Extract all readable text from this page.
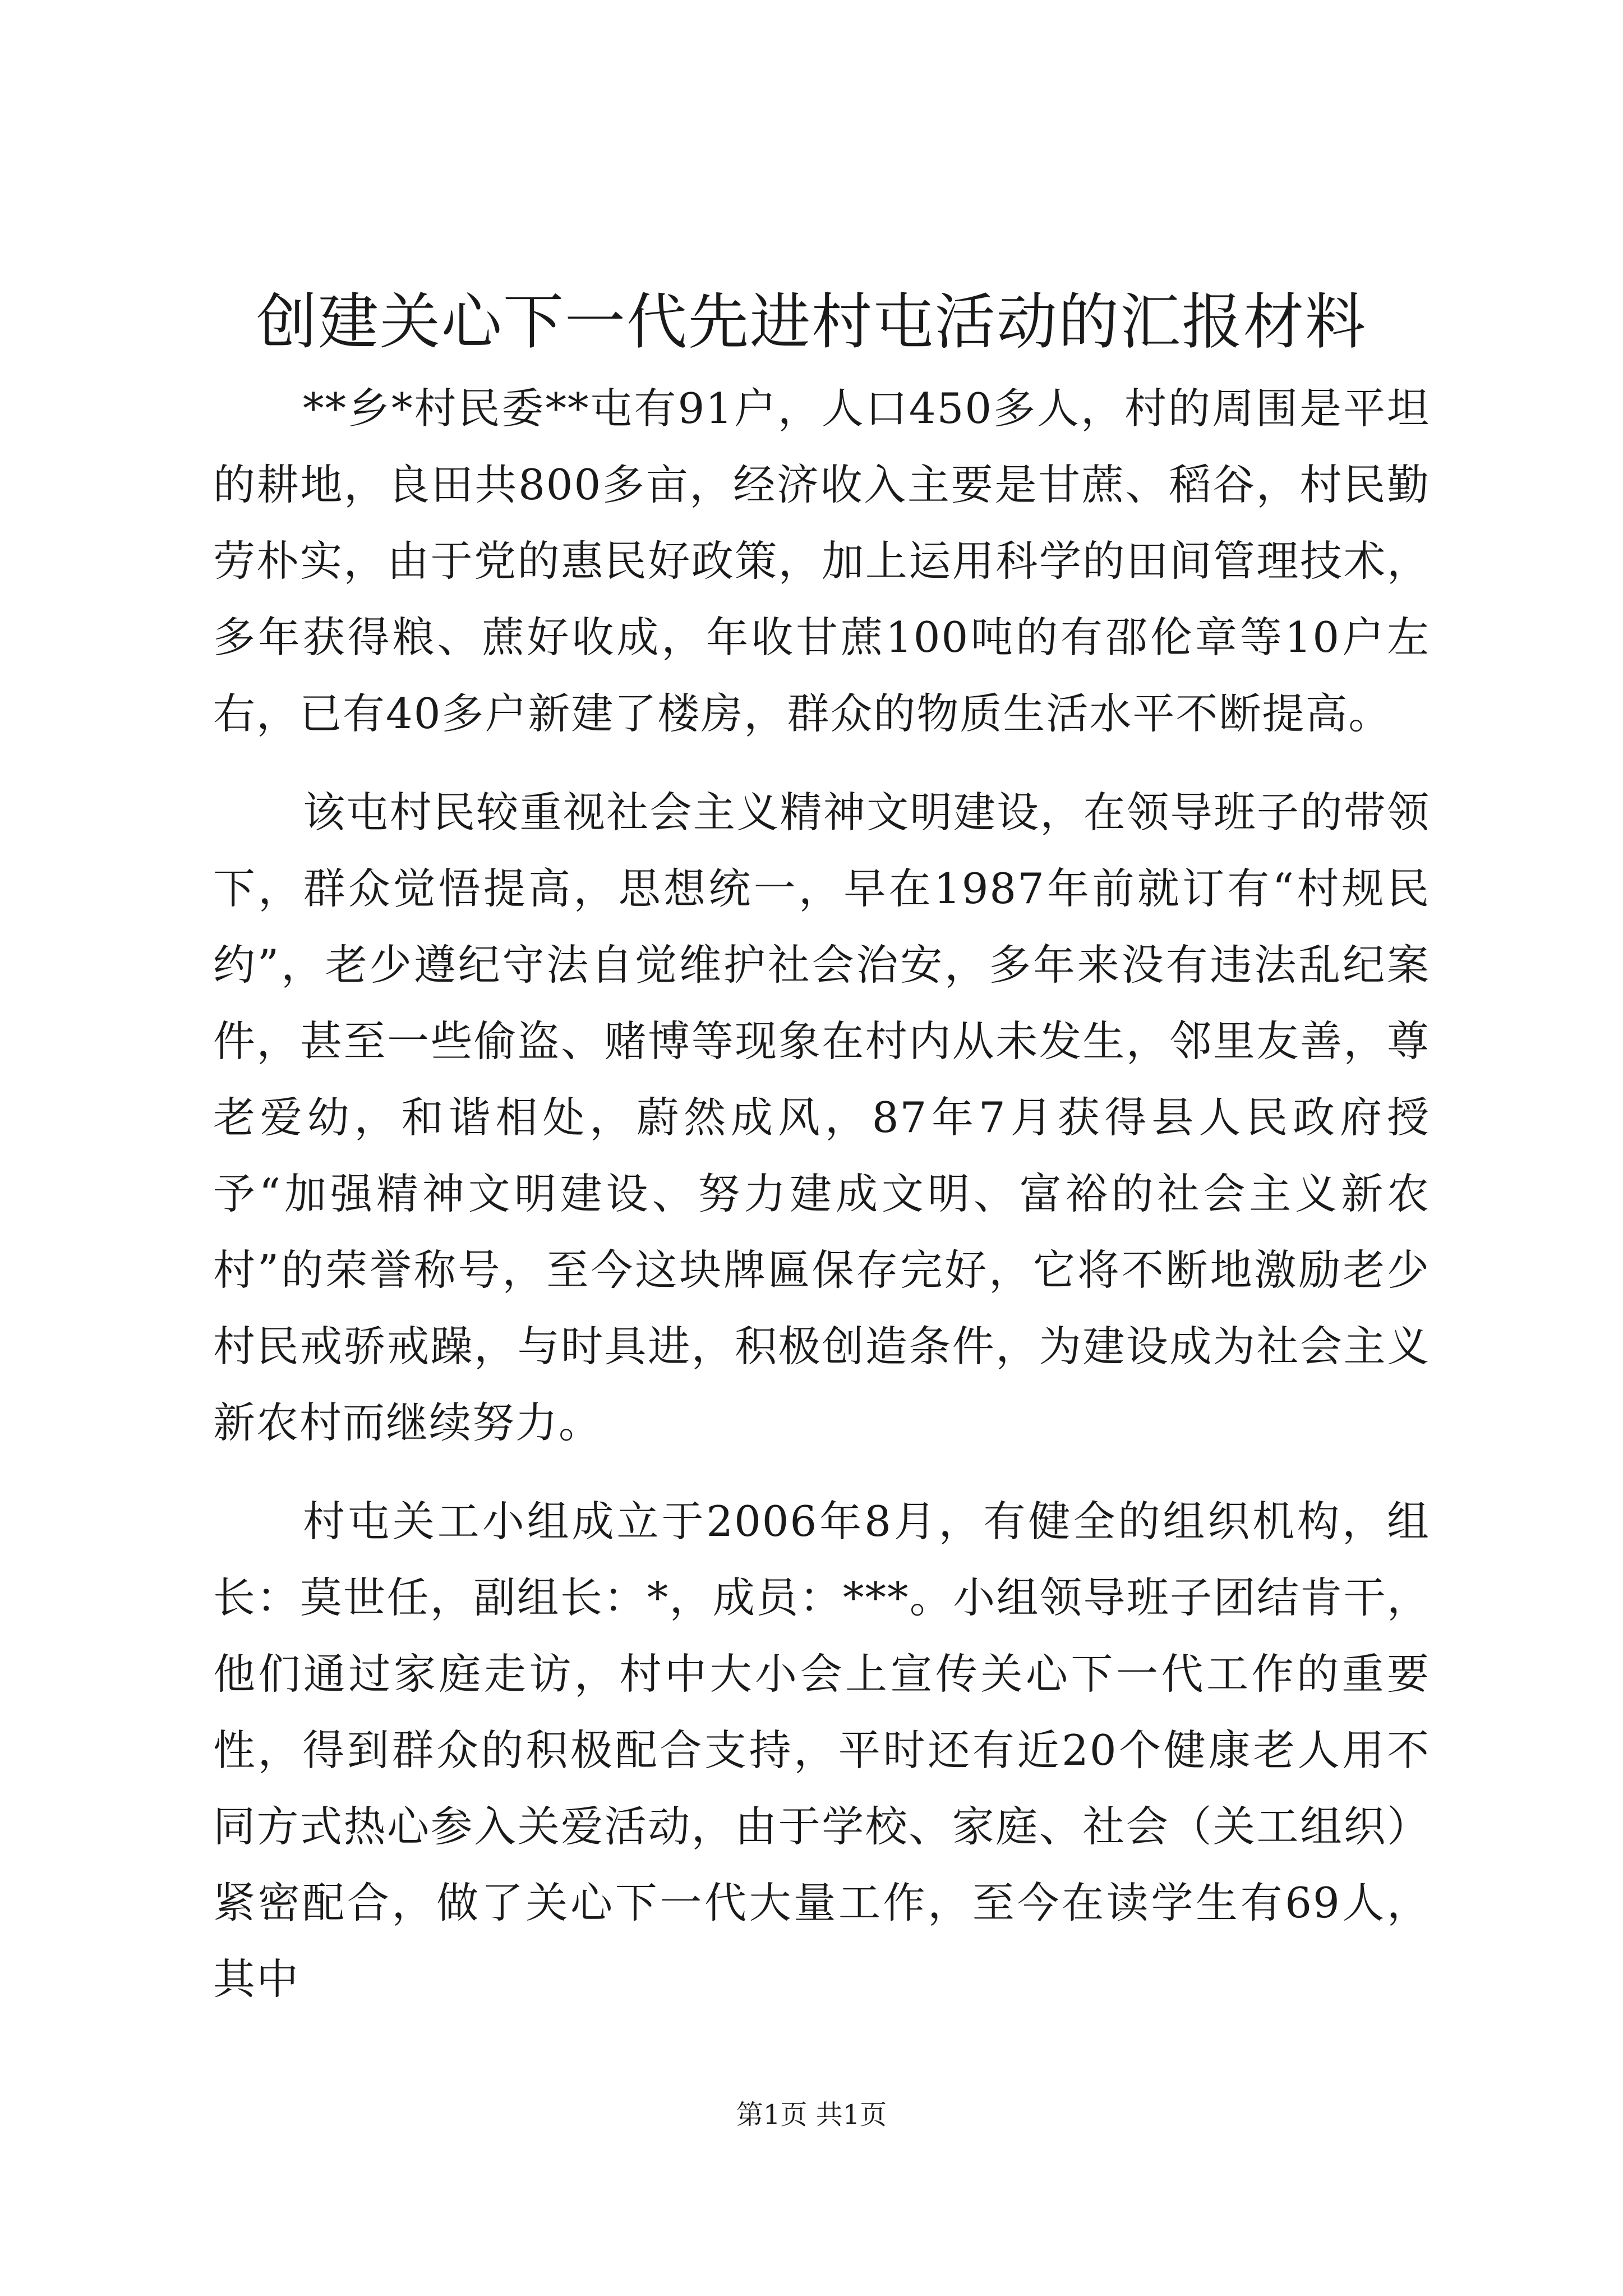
创建关心下一代先进村屯活动的汇报材料

**乡*村民委**屯有91户，人口450多人，村的周围是平坦的耕地，良田共800多亩，经济收入主要是甘蔗、稻谷，村民勤劳朴实，由于党的惠民好政策，加上运用科学的田间管理技术，多年获得粮、蔗好收成，年收甘蔗100吨的有邵伦章等10户左右，已有40多户新建了楼房，群众的物质生活水平不断提高。

该屯村民较重视社会主义精神文明建设，在领导班子的带领下，群众觉悟提高，思想统一，早在1987年前就订有“村规民约”，老少遵纪守法自觉维护社会治安，多年来没有违法乱纪案件，甚至一些偷盗、赌博等现象在村内从未发生，邻里友善，尊老爱幼，和谐相处，蔚然成风，87年7月获得县人民政府授予“加强精神文明建设、努力建成文明、富裕的社会主义新农村”的荣誉称号，至今这块牌匾保存完好，它将不断地激励老少村民戒骄戒躁，与时具进，积极创造条件，为建设成为社会主义新农村而继续努力。

村屯关工小组成立于2006年8月，有健全的组织机构，组长：莫世任，副组长：*，成员：***。小组领导班子团结肯干，他们通过家庭走访，村中大小会上宣传关心下一代工作的重要性，得到群众的积极配合支持，平时还有近20个健康老人用不同方式热心参入关爱活动，由于学校、家庭、社会（关工组织）紧密配合，做了关心下一代大量工作，至今在读学生有69人，其中

第1页 共1页
